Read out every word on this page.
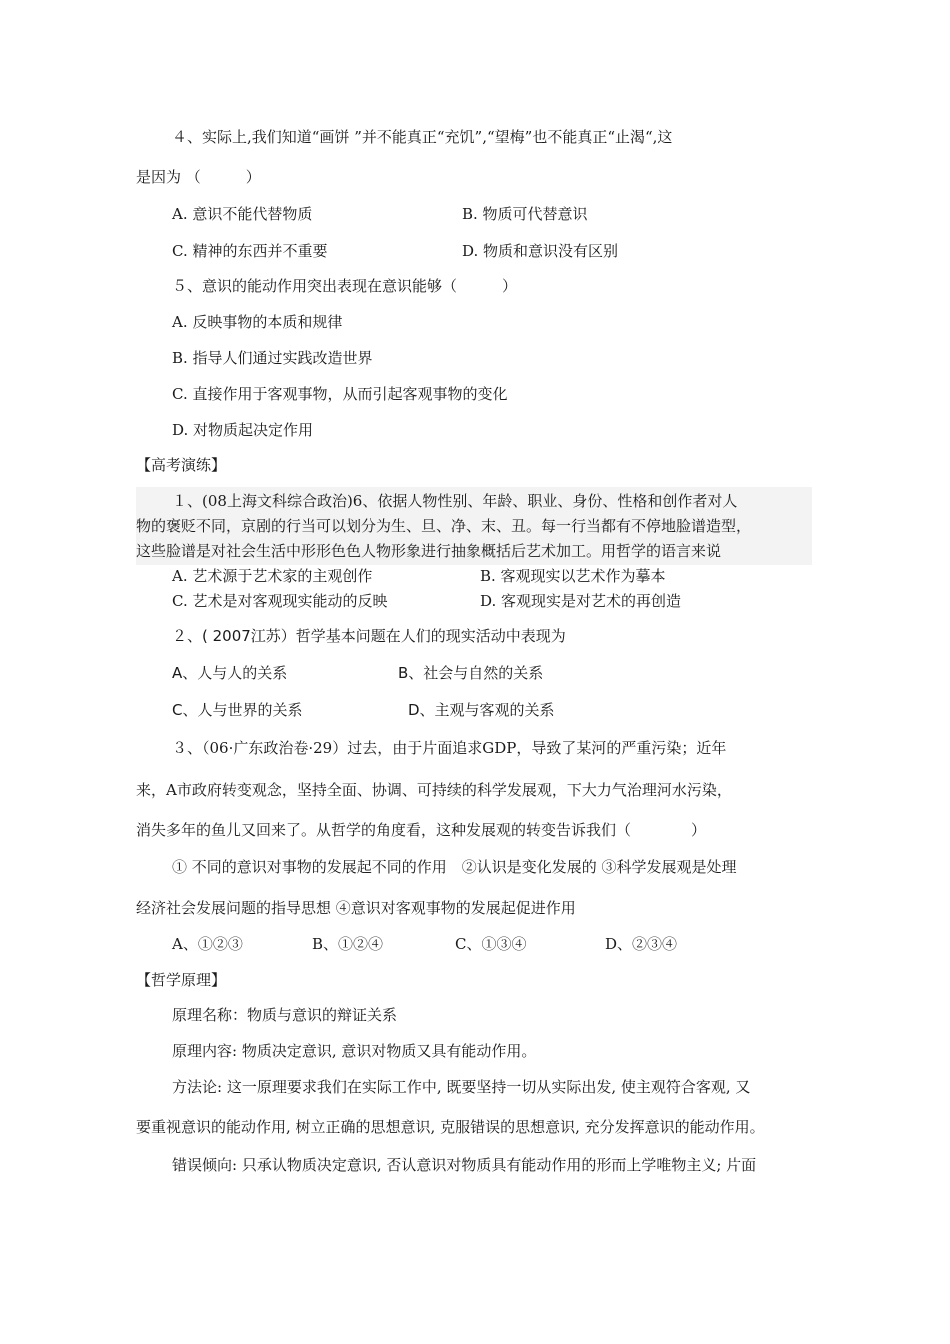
４、实际上,我们知道“画饼 ”并不能真正“充饥”,“望梅”也不能真正“止渴“,这
是因为 （　　　）
A. 意识不能代替物质	B. 物质可代替意识
C. 精神的东西并不重要	D. 物质和意识没有区别
５、意识的能动作用突出表现在意识能够（　　　）
A. 反映事物的本质和规律
B. 指导人们通过实践改造世界
C. 直接作用于客观事物，从而引起客观事物的变化
D. 对物质起决定作用
【高考演练】
１、(08上海文科综合政治)6、依据人物性别、年龄、职业、身份、性格和创作者对人
物的褒贬不同，京剧的行当可以划分为生、旦、净、末、丑。每一行当都有不停地脸谱造型，
这些脸谱是对社会生活中形形色色人物形象进行抽象概括后艺术加工。用哲学的语言来说
A. 艺术源于艺术家的主观创作	B. 客观现实以艺术作为摹本
C. 艺术是对客观现实能动的反映	D. 客观现实是对艺术的再创造
２、( 2007江苏）哲学基本问题在人们的现实活动中表现为
A、人与人的关系	B、社会与自然的关系
C、人与世界的关系	D、主观与客观的关系
３、（06·广东政治卷·29）过去，由于片面追求GDP，导致了某河的严重污染；近年
来，A市政府转变观念，坚持全面、协调、可持续的科学发展观，下大力气治理河水污染，
消失多年的鱼儿又回来了。从哲学的角度看，这种发展观的转变告诉我们（　　　　）
① 不同的意识对事物的发展起不同的作用　②认识是变化发展的 ③科学发展观是处理
经济社会发展问题的指导思想 ④意识对客观事物的发展起促进作用
A、①②③	B、①②④	C、①③④	D、②③④
【哲学原理】
原理名称：物质与意识的辩证关系
原理内容: 物质决定意识, 意识对物质又具有能动作用。
方法论: 这一原理要求我们在实际工作中, 既要坚持一切从实际出发, 使主观符合客观, 又
要重视意识的能动作用, 树立正确的思想意识, 克服错误的思想意识, 充分发挥意识的能动作用。
错误倾向: 只承认物质决定意识, 否认意识对物质具有能动作用的形而上学唯物主义; 片面
